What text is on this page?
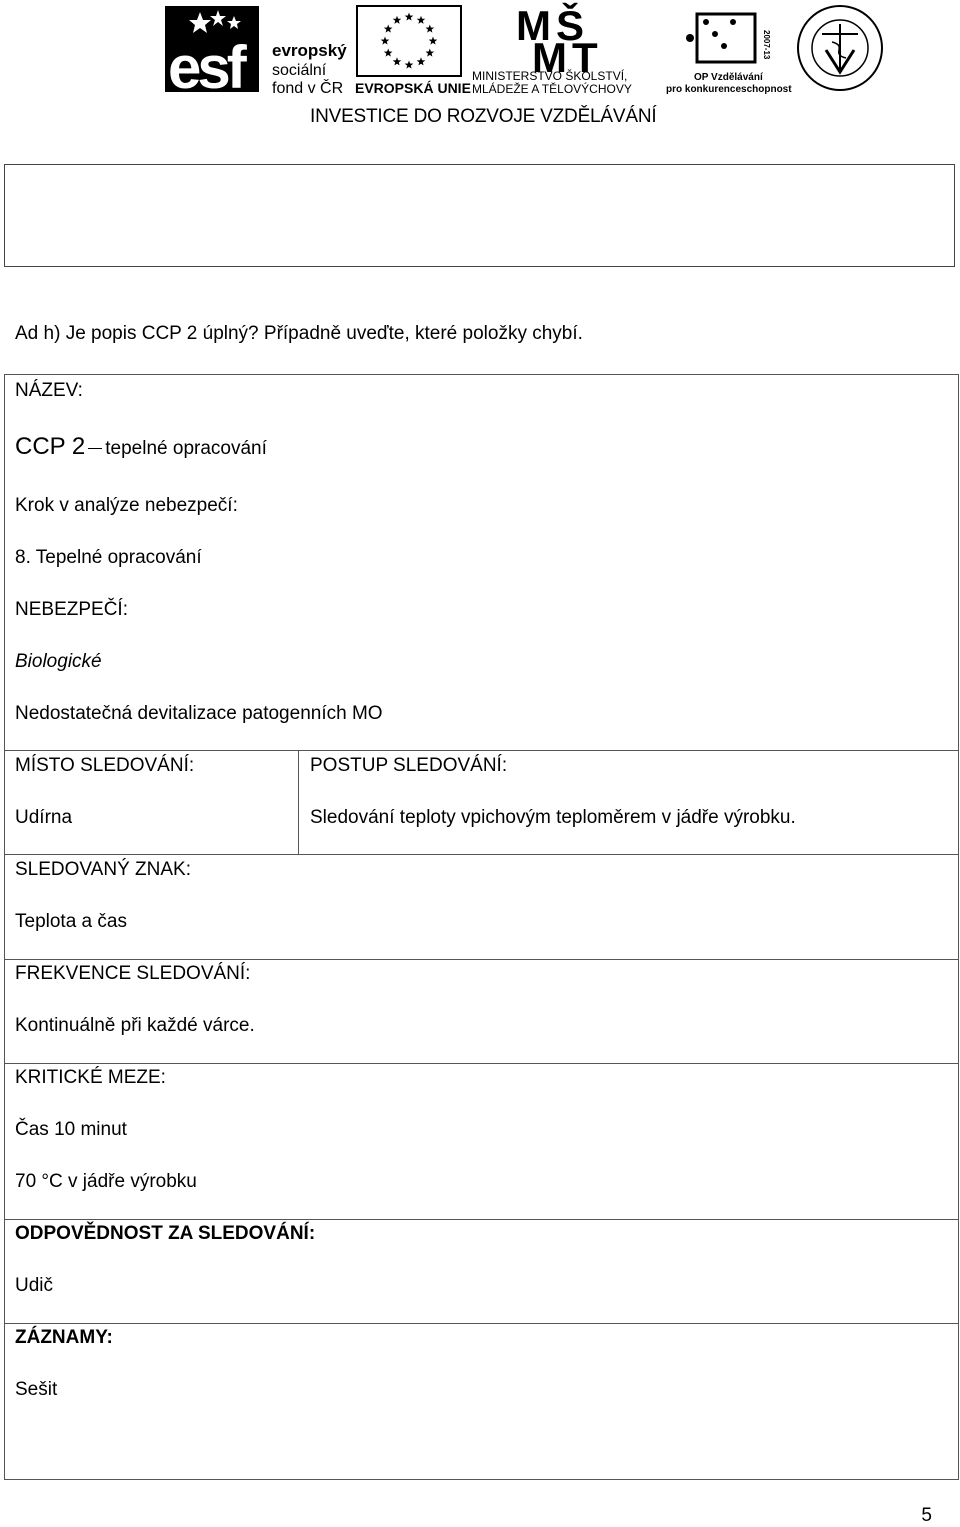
esf evropský
sociální
fond v ČR EVROPSKÁ UNIE
M Š
M T
MINISTERSTVO ŠKOLSTVÍ,
MLÁDEŽE A TĚLOVÝCHOVY
2007-13
OP Vzdělávání
pro konkurenceschopnost
INVESTICE DO ROZVOJE VZDĚLÁVÁNÍ
Ad h) Je popis CCP 2 úplný? Případně uveďte, které položky chybí.
NÁZEV:
CCP 2 tepelné opracování
Krok v analýze nebezpečí:
8. Tepelné opracování
NEBEZPEČÍ:
Biologické
Nedostatečná devitalizace patogenních MO
MÍSTO SLEDOVÁNÍ:
Udírna
POSTUP SLEDOVÁNÍ:
Sledování teploty vpichovým teploměrem v jádře výrobku.
SLEDOVANÝ ZNAK:
Teplota a čas
FREKVENCE SLEDOVÁNÍ:
Kontinuálně při každé várce.
KRITICKÉ MEZE:
Čas 10 minut
70 °C v jádře výrobku
ODPOVĚDNOST ZA SLEDOVÁNÍ:
Udič
ZÁZNAMY:
Sešit
5
